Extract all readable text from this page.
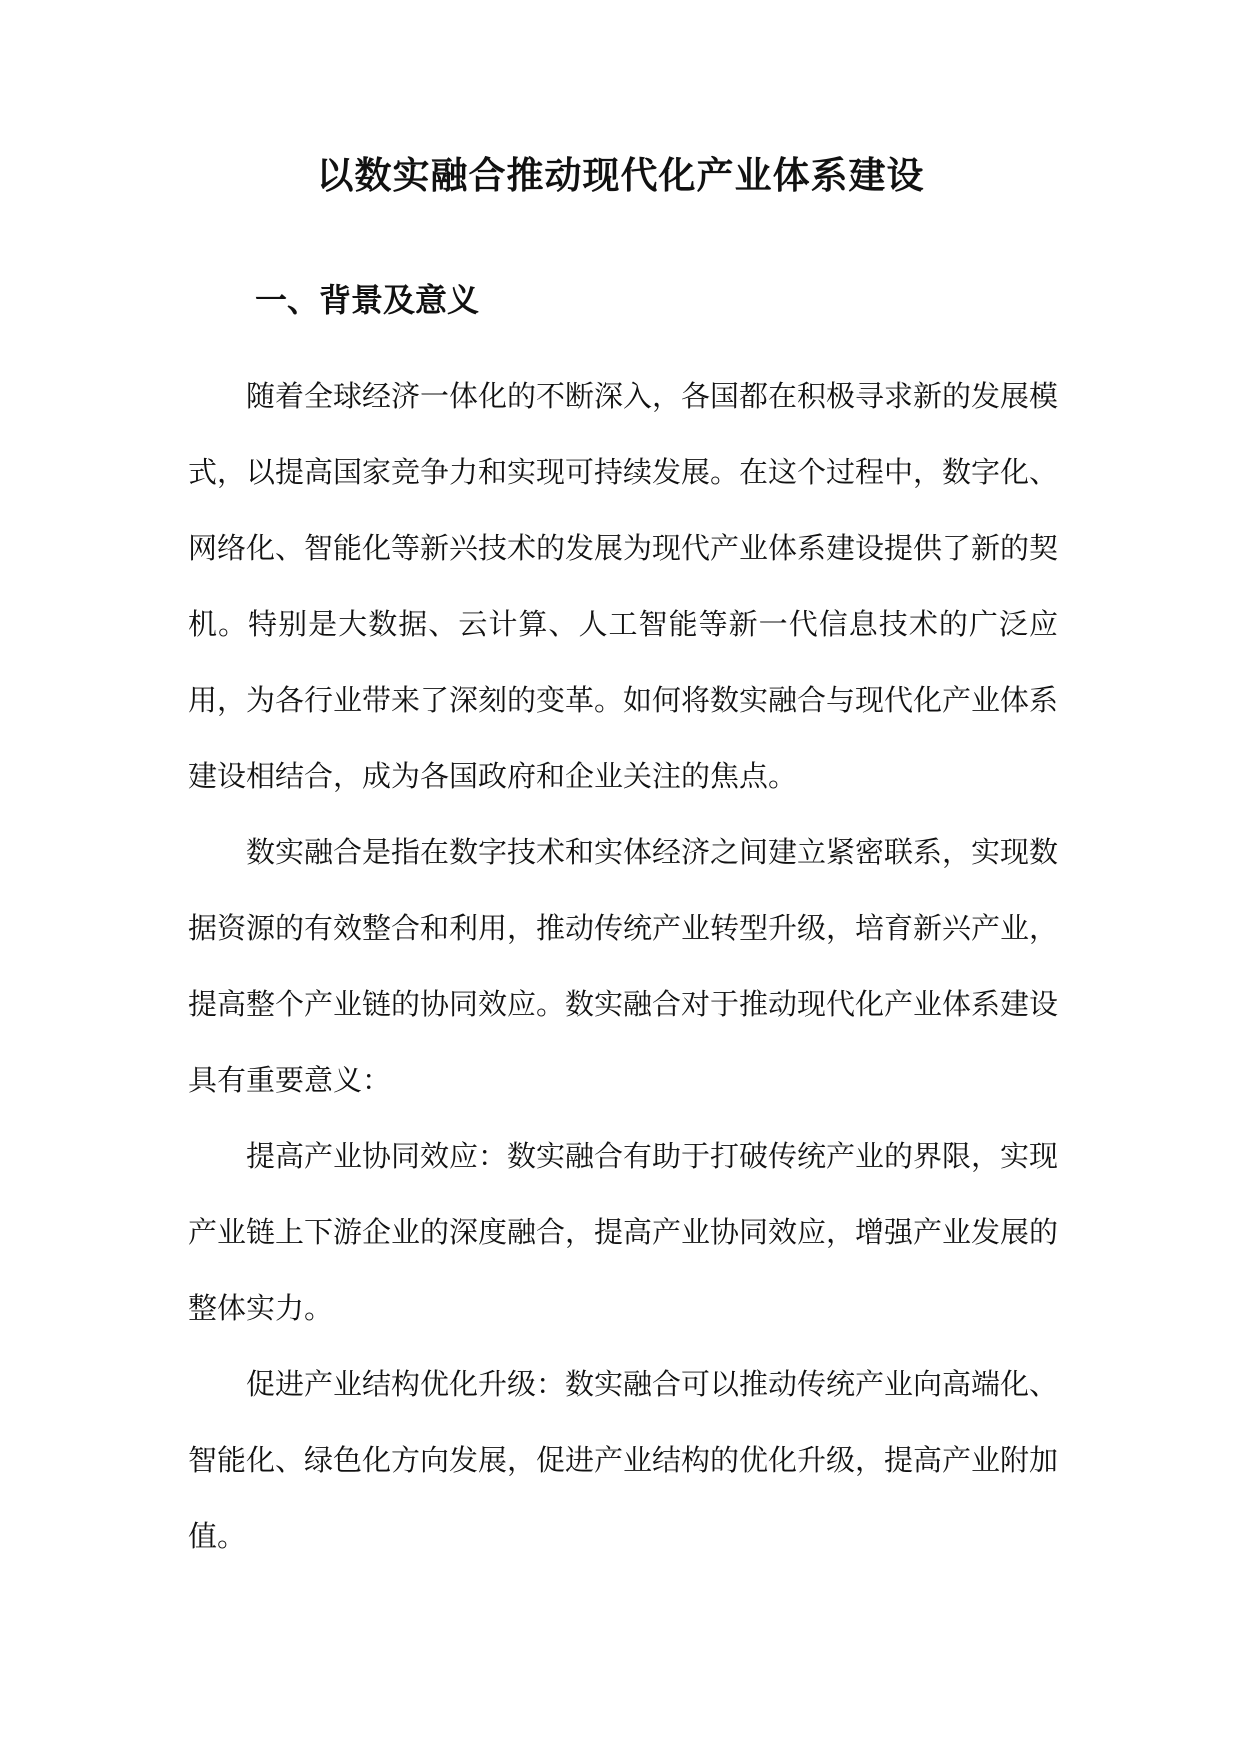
以数实融合推动现代化产业体系建设
一、背景及意义

随着全球经济一体化的不断深入，各国都在积极寻求新的发展模式，以提高国家竞争力和实现可持续发展。在这个过程中，数字化、网络化、智能化等新兴技术的发展为现代产业体系建设提供了新的契机。特别是大数据、云计算、人工智能等新一代信息技术的广泛应用，为各行业带来了深刻的变革。如何将数实融合与现代化产业体系建设相结合，成为各国政府和企业关注的焦点。

数实融合是指在数字技术和实体经济之间建立紧密联系，实现数据资源的有效整合和利用，推动传统产业转型升级，培育新兴产业，提高整个产业链的协同效应。数实融合对于推动现代化产业体系建设具有重要意义：

提高产业协同效应：数实融合有助于打破传统产业的界限，实现产业链上下游企业的深度融合，提高产业协同效应，增强产业发展的整体实力。

促进产业结构优化升级：数实融合可以推动传统产业向高端化、智能化、绿色化方向发展，促进产业结构的优化升级，提高产业附加值。
